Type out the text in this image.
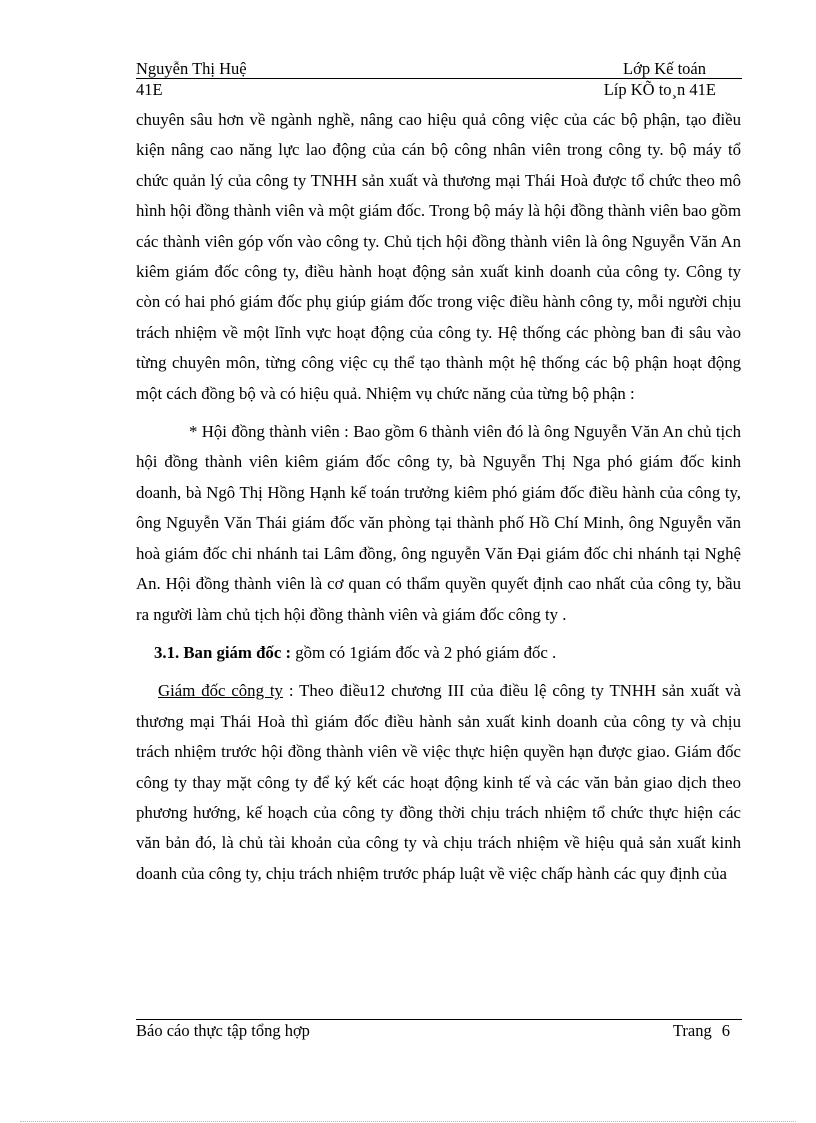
Nguyễn Thị Huệ	Lớp Kế toán
41E	Líp KÕ to¸n 41E

chuyên sâu hơn về ngành nghề, nâng cao hiệu quả công việc của các bộ phận, tạo điều kiện nâng cao năng lực lao động của cán bộ công nhân viên trong công ty. bộ máy tổ chức quản lý của công ty TNHH sản xuất và thương mại Thái Hoà được tổ chức theo mô hình hội đồng thành viên và một giám đốc. Trong bộ máy là hội đồng thành viên bao gồm các thành viên góp vốn vào công ty. Chủ tịch hội đồng thành viên là ông Nguyễn Văn An kiêm giám đốc công ty, điều hành hoạt động sản xuất kinh doanh của công ty. Công ty còn có hai phó giám đốc phụ giúp giám đốc trong việc điều hành công ty, mỗi người chịu trách nhiệm về một lĩnh vực hoạt động của công ty. Hệ thống các phòng ban đi sâu vào từng chuyên môn, từng công việc cụ thể tạo thành một hệ thống các bộ phận hoạt động một cách đồng bộ và có hiệu quả. Nhiệm vụ chức năng của từng bộ phận :

* Hội đồng thành viên : Bao gồm 6 thành viên đó là ông Nguyễn Văn An chủ tịch hội đồng thành viên kiêm giám đốc công ty, bà Nguyễn Thị Nga phó giám đốc kinh doanh, bà Ngô Thị Hồng Hạnh kế toán trưởng kiêm phó giám đốc điều hành của công ty, ông Nguyễn Văn Thái giám đốc văn phòng tại thành phố Hồ Chí Minh, ông Nguyễn văn hoà giám đốc chi nhánh tai Lâm đồng, ông nguyễn Văn Đại giám đốc chi nhánh tại Nghệ An. Hội đồng thành viên là cơ quan có thẩm quyền quyết định cao nhất của công ty, bầu ra người làm chủ tịch hội đồng thành viên và giám đốc công ty .

3.1. Ban giám đốc : gồm có 1giám đốc và 2 phó giám đốc .

Giám đốc công ty : Theo điều12 chương III của điều lệ công ty TNHH sản xuất và thương mại Thái Hoà thì giám đốc điều hành sản xuất kinh doanh của công ty và chịu trách nhiệm trước hội đồng thành viên về việc thực hiện quyền hạn được giao. Giám đốc công ty thay mặt công ty để ký kết các hoạt động kinh tế và các văn bản giao dịch theo phương hướng, kế hoạch của công ty đồng thời chịu trách nhiệm tổ chức thực hiện các văn bản đó, là chủ tài khoản của công ty và chịu trách nhiệm về hiệu quả sản xuất kinh doanh của công ty, chịu trách nhiệm trước pháp luật về việc chấp hành các quy định của

Báo cáo thực tập tổng hợp	Trang 6
